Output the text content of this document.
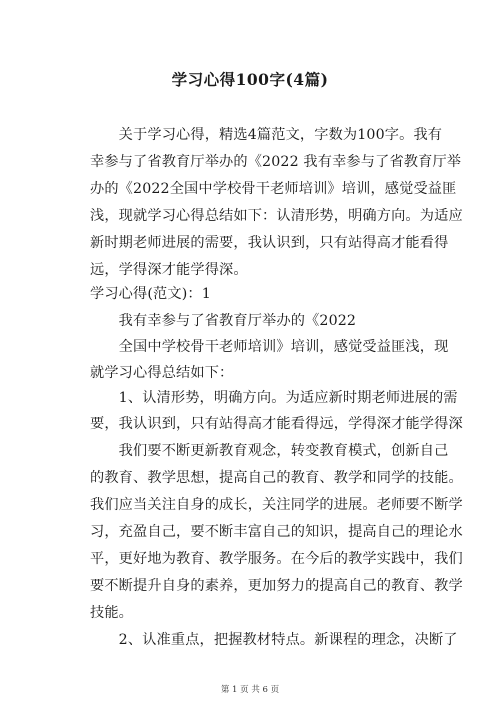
学习心得100字(4篇)
　　关于学习心得，精选4篇范文，字数为100字。我有
幸参与了省教育厅举办的《2022 我有幸参与了省教育厅举
办的《2022全国中学校骨干老师培训》培训，感觉受益匪
浅，现就学习心得总结如下：认清形势，明确方向。为适应
新时期老师进展的需要，我认识到，只有站得高才能看得
远，学得深才能学得深。
学习心得(范文)：1
　　我有幸参与了省教育厅举办的《2022
　　全国中学校骨干老师培训》培训，感觉受益匪浅，现
就学习心得总结如下：
　　1、认清形势，明确方向。为适应新时期老师进展的需
要，我认识到，只有站得高才能看得远，学得深才能学得深
　　我们要不断更新教育观念，转变教育模式，创新自己
的教育、教学思想，提高自己的教育、教学和同学的技能。
我们应当关注自身的成长，关注同学的进展。老师要不断学
习，充盈自己，要不断丰富自己的知识，提高自己的理论水
平，更好地为教育、教学服务。在今后的教学实践中，我们
要不断提升自身的素养，更加努力的提高自己的教育、教学
技能。
　　2、认准重点，把握教材特点。新课程的理念，决断了
第 1 页 共 6 页
